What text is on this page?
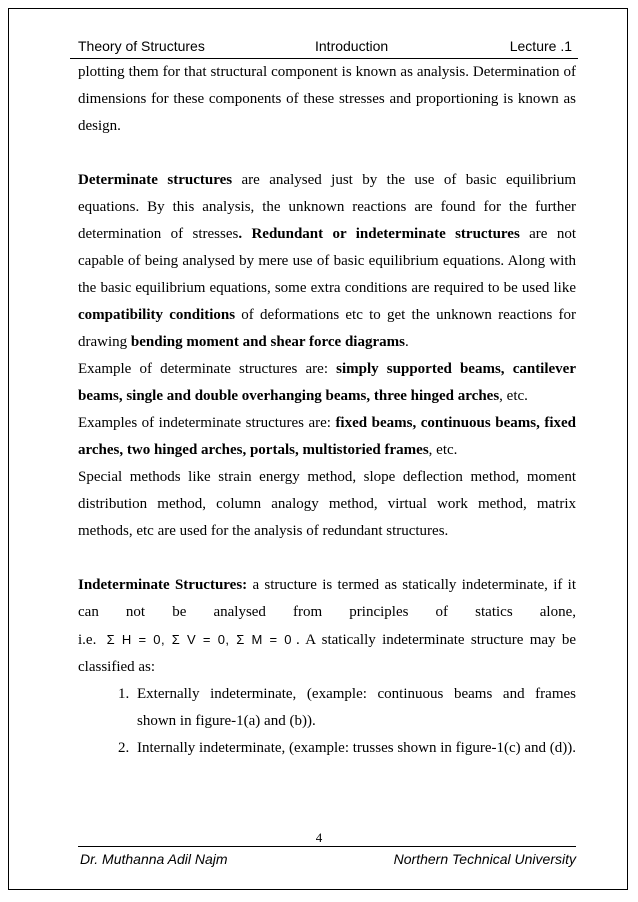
Theory of Structures	Introduction	Lecture .1

plotting them for that structural component is known as analysis. Determination of dimensions for these components of these stresses and proportioning is known as design.

Determinate structures are analysed just by the use of basic equilibrium equations. By this analysis, the unknown reactions are found for the further determination of stresses. Redundant or indeterminate structures are not capable of being analysed by mere use of basic equilibrium equations. Along with the basic equilibrium equations, some extra conditions are required to be used like compatibility conditions of deformations etc to get the unknown reactions for drawing bending moment and shear force diagrams.

Example of determinate structures are: simply supported beams, cantilever beams, single and double overhanging beams, three hinged arches, etc.

Examples of indeterminate structures are: fixed beams, continuous beams, fixed arches, two hinged arches, portals, multistoried frames, etc.

Special methods like strain energy method, slope deflection method, moment distribution method, column analogy method, virtual work method, matrix methods, etc are used for the analysis of redundant structures.

Indeterminate Structures: a structure is termed as statically indeterminate, if it can not be analysed from principles of statics alone,

i.e. Σ H = 0, Σ V = 0, Σ M = 0 . A statically indeterminate structure may be classified as:

1. Externally indeterminate, (example: continuous beams and frames shown in figure-1(a) and (b)).
2. Internally indeterminate, (example: trusses shown in figure-1(c) and (d)).
4
Dr. Muthanna Adil Najm	Northern Technical University
